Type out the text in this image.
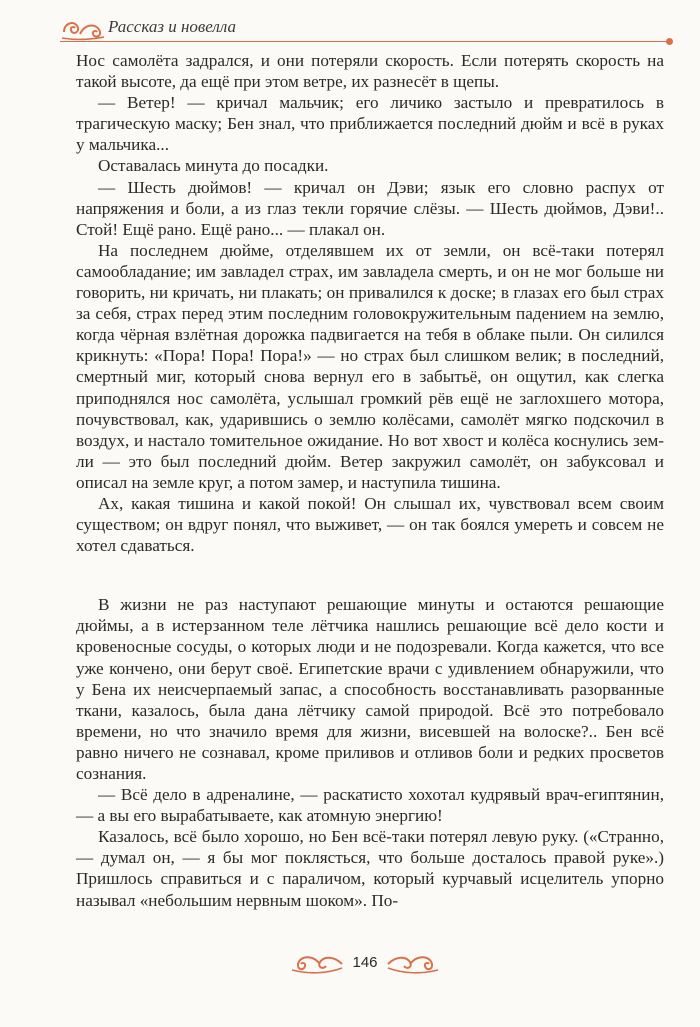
Рассказ и новелла

Нос самолёта задрался, и они потеряли скорость. Если потерять скорость на такой высоте, да ещё при этом ветре, их разнесёт в щепы.

— Ветер! — кричал мальчик; его личико застыло и превратилось в трагическую маску; Бен знал, что приближается последний дюйм и всё в руках у мальчика...

Оставалась минута до посадки.

— Шесть дюймов! — кричал он Дэви; язык его словно распух от напряжения и боли, а из глаз текли горячие слёзы. — Шесть дюймов, Дэви!.. Стой! Ещё рано. Ещё рано... — плакал он.

На последнем дюйме, отделявшем их от земли, он всё-таки потерял самообладание; им завладел страх, им завладела смерть, и он не мог больше ни говорить, ни кричать, ни плакать; он привалился к доске; в глазах его был страх за себя, страх перед этим последним головокружительным падением на землю, когда чёрная взлётная дорожка падвигается на тебя в облаке пыли. Он силился крикнуть: «Пора! Пора! Пора!» — но страх был слишком велик; в последний, смертный миг, который снова вернул его в забытьё, он ощутил, как слегка приподнялся нос самолёта, услышал громкий рёв ещё не заглохшего мотора, почувствовал, как, ударившись о землю колёсами, самолёт мягко подскочил в воздух, и настало томительное ожидание. Но вот хвост и колёса коснулись земли — это был последний дюйм. Ветер закружил самолёт, он забуксовал и описал на земле круг, а потом замер, и наступила тишина.

Ах, какая тишина и какой покой! Он слышал их, чувствовал всем своим существом; он вдруг понял, что выживет, — он так боялся умереть и совсем не хотел сдаваться.

В жизни не раз наступают решающие минуты и остаются решающие дюймы, а в истерзанном теле лётчика нашлись решающие всё дело кости и кровеносные сосуды, о которых люди и не подозревали. Когда кажется, что все уже кончено, они берут своё. Египетские врачи с удивлением обнаружили, что у Бена их неисчерпаемый запас, а способность восстанавливать разорванные ткани, казалось, была дана лётчику самой природой. Всё это потребовало времени, но что значило время для жизни, висевшей на волоске?.. Бен всё равно ничего не сознавал, кроме приливов и отливов боли и редких просветов сознания.

— Всё дело в адреналине, — раскатисто хохотал кудрявый врач-египтянин, — а вы его вырабатываете, как атомную энергию!

Казалось, всё было хорошо, но Бен всё-таки потерял левую руку. («Странно, — думал он, — я бы мог поклясться, что больше досталось правой руке».) Пришлось справиться и с параличом, который курчавый исцелитель упорно называл «небольшим нервным шоком». По-

146
